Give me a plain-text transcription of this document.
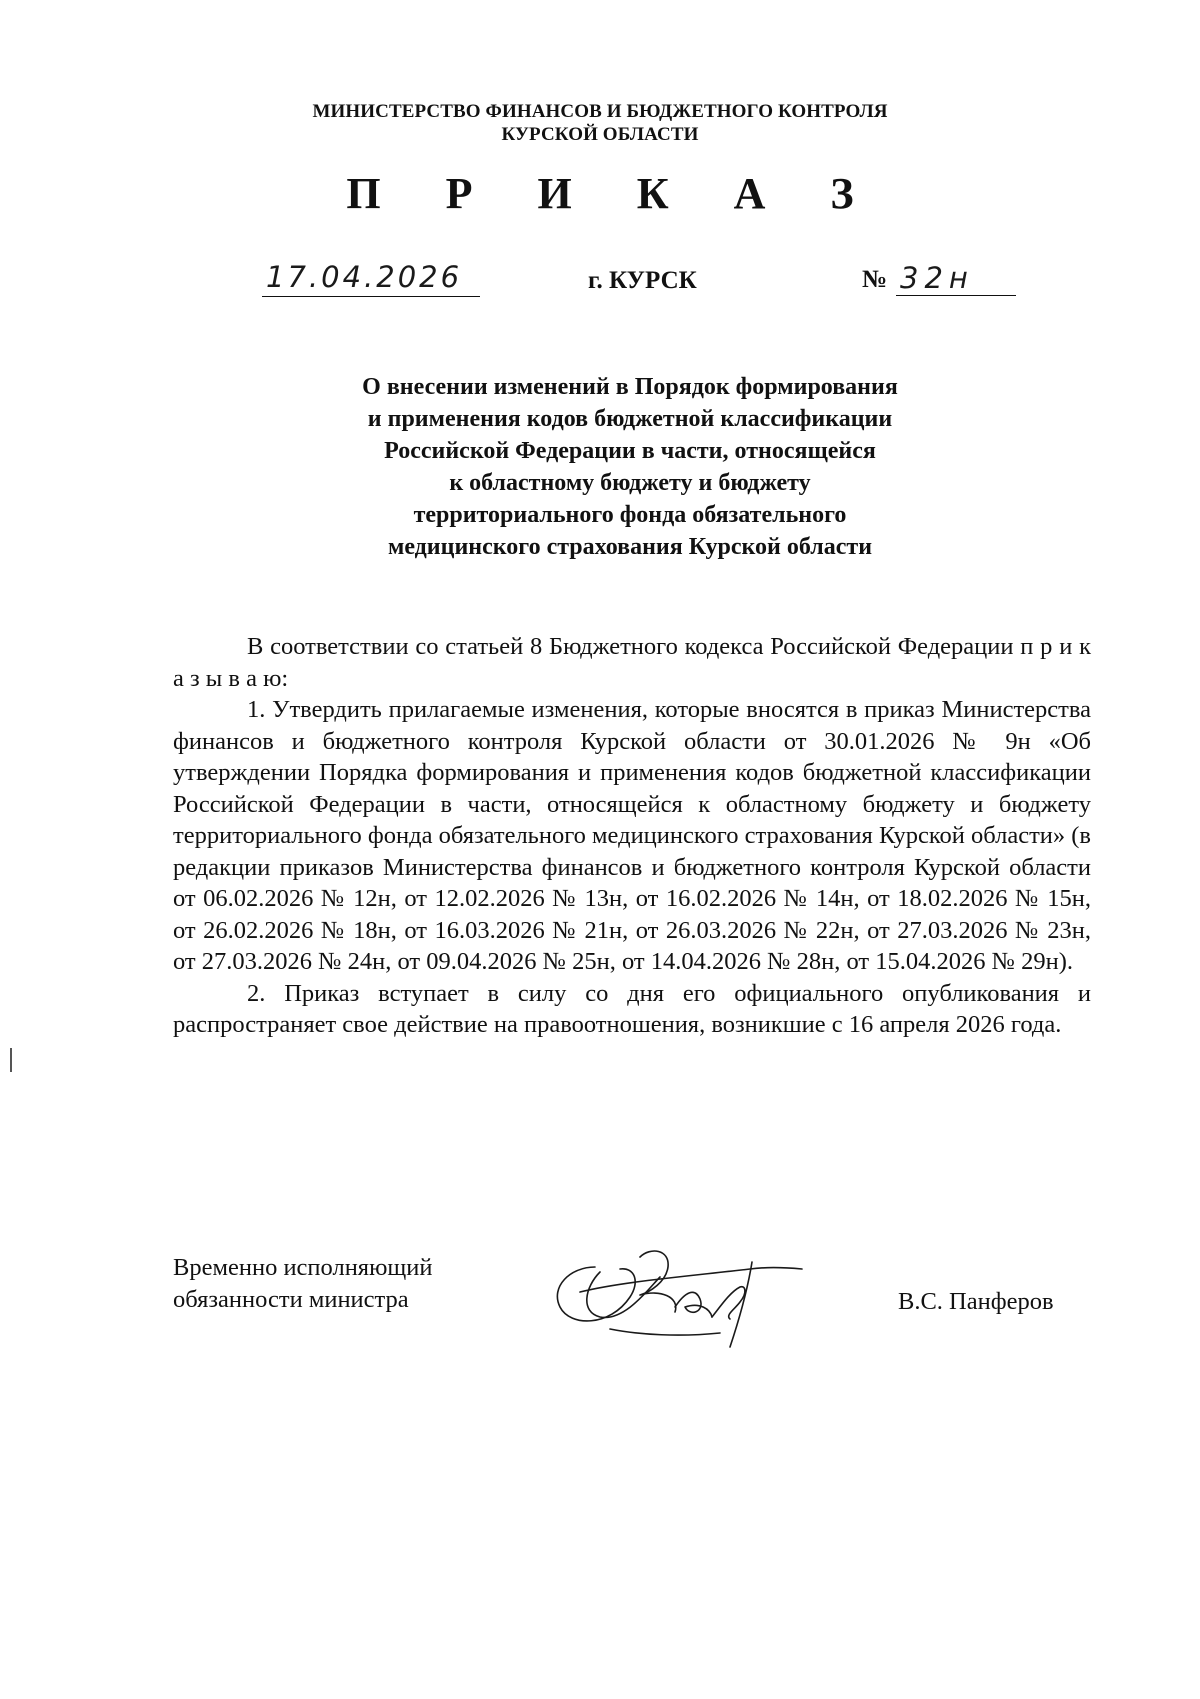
МИНИСТЕРСТВО ФИНАНСОВ И БЮДЖЕТНОГО КОНТРОЛЯ
КУРСКОЙ ОБЛАСТИ
П Р И К А З
17.04.2026	г. КУРСК	№ 32н
О внесении изменений в Порядок формирования
и применения кодов бюджетной классификации
Российской Федерации в части, относящейся
к областному бюджету и бюджету
территориального фонда обязательного
медицинского страхования Курской области

В соответствии со статьей 8 Бюджетного кодекса Российской Федерации п р и к а з ы в а ю:

1. Утвердить прилагаемые изменения, которые вносятся в приказ Министерства финансов и бюджетного контроля Курской области от 30.01.2026 № 9н «Об утверждении Порядка формирования и применения кодов бюджетной классификации Российской Федерации в части, относящейся к областному бюджету и бюджету территориального фонда обязательного медицинского страхования Курской области» (в редакции приказов Министерства финансов и бюджетного контроля Курской области от 06.02.2026 № 12н, от 12.02.2026 № 13н, от 16.02.2026 № 14н, от 18.02.2026 № 15н, от 26.02.2026 № 18н, от 16.03.2026 № 21н, от 26.03.2026 № 22н, от 27.03.2026 № 23н, от 27.03.2026 № 24н, от 09.04.2026 № 25н, от 14.04.2026 № 28н, от 15.04.2026 № 29н).

2. Приказ вступает в силу со дня его официального опубликования и распространяет свое действие на правоотношения, возникшие с 16 апреля 2026 года.

Временно исполняющий
обязанности министра	В.С. Панферов
